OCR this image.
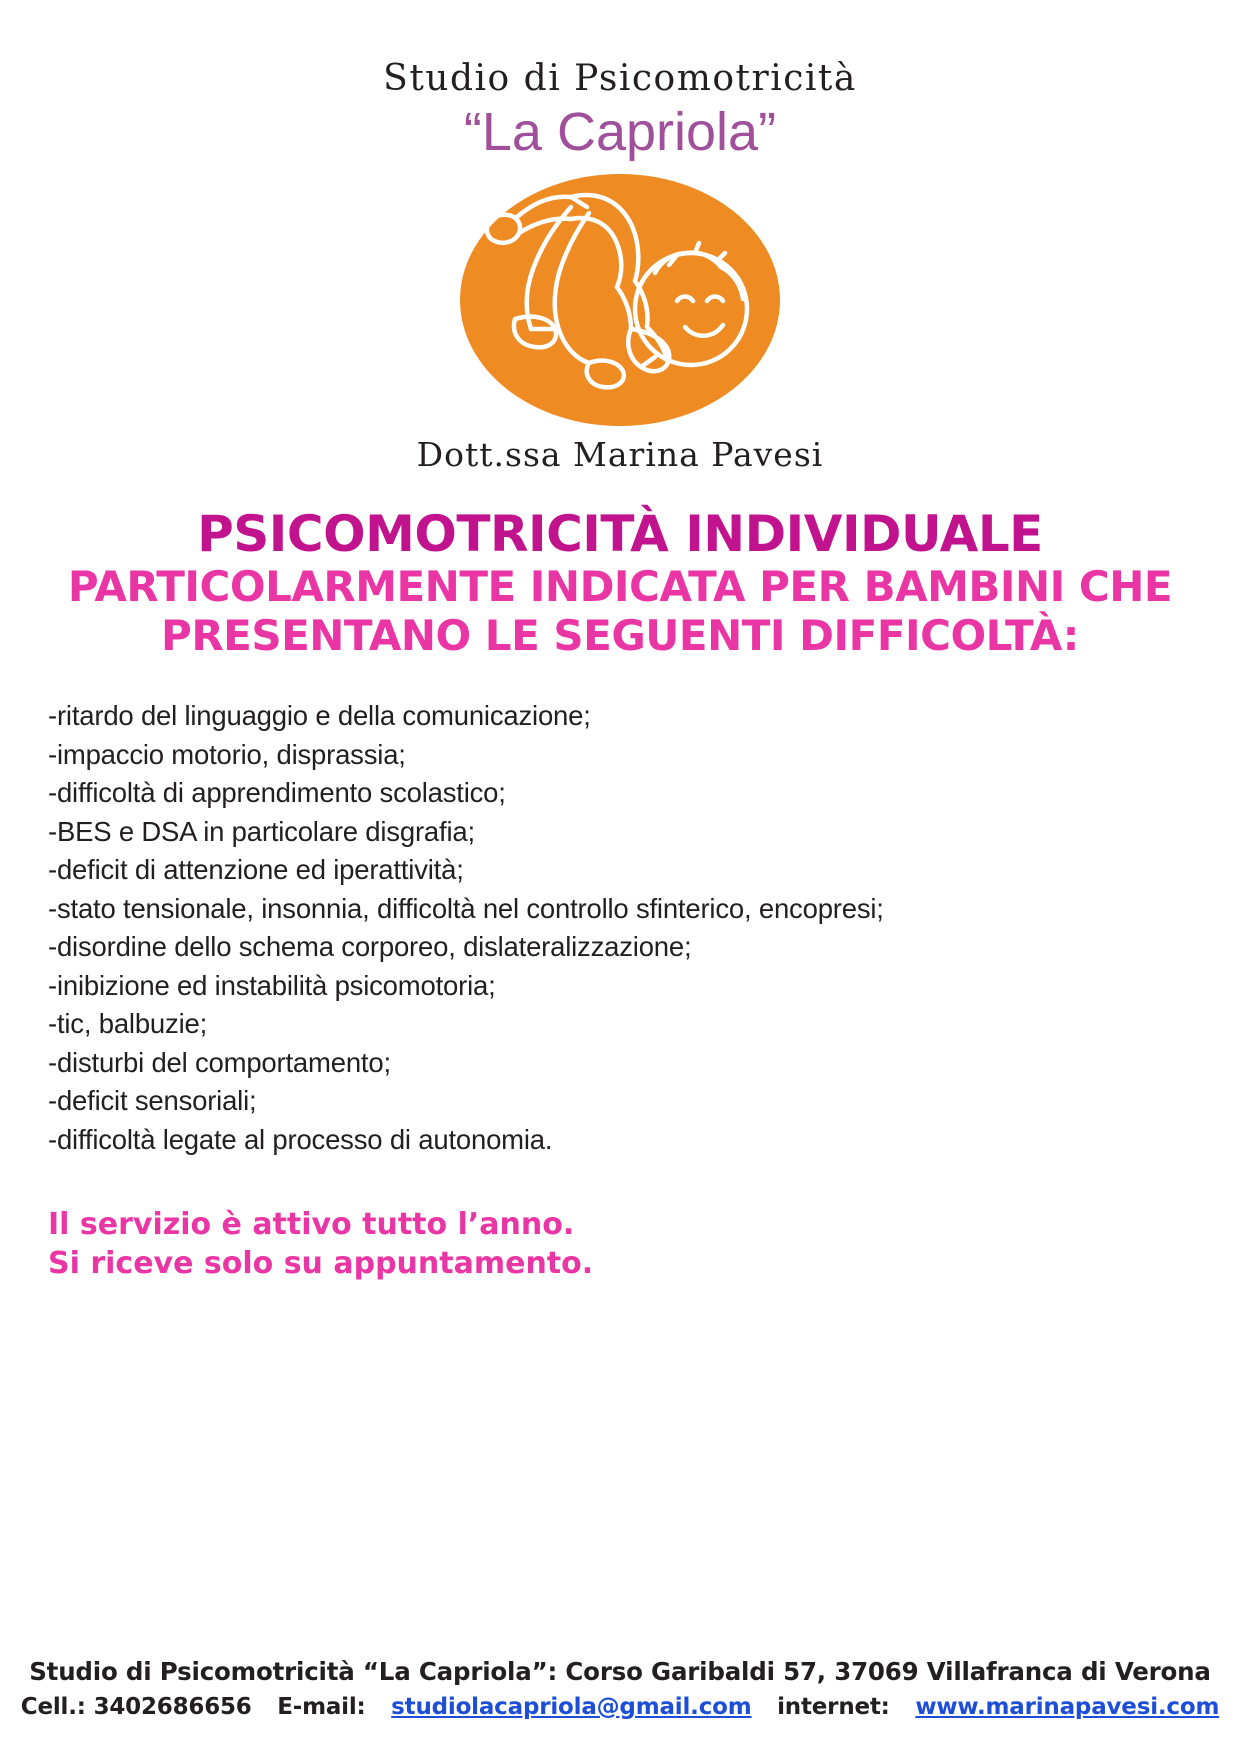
Studio di Psicomotricità
“La Capriola”
Dott.ssa Marina Pavesi
PSICOMOTRICITÀ INDIVIDUALE
PARTICOLARMENTE INDICATA PER BAMBINI CHE
PRESENTANO LE SEGUENTI DIFFICOLTÀ:
-ritardo del linguaggio e della comunicazione;
-impaccio motorio, disprassia;
-difficoltà di apprendimento scolastico;
-BES e DSA in particolare disgrafia;
-deficit di attenzione ed iperattività;
-stato tensionale, insonnia, difficoltà nel controllo sfinterico, encopresi;
-disordine dello schema corporeo, dislateralizzazione;
-inibizione ed instabilità psicomotoria;
-tic, balbuzie;
-disturbi del comportamento;
-deficit sensoriali;
-difficoltà legate al processo di autonomia.
Il servizio è attivo tutto l’anno.
Si riceve solo su appuntamento.
Studio di Psicomotricità “La Capriola”: Corso Garibaldi 57, 37069 Villafranca di Verona
Cell.: 3402686656 E-mail: studiolacapriola@gmail.com internet: www.marinapavesi.com
